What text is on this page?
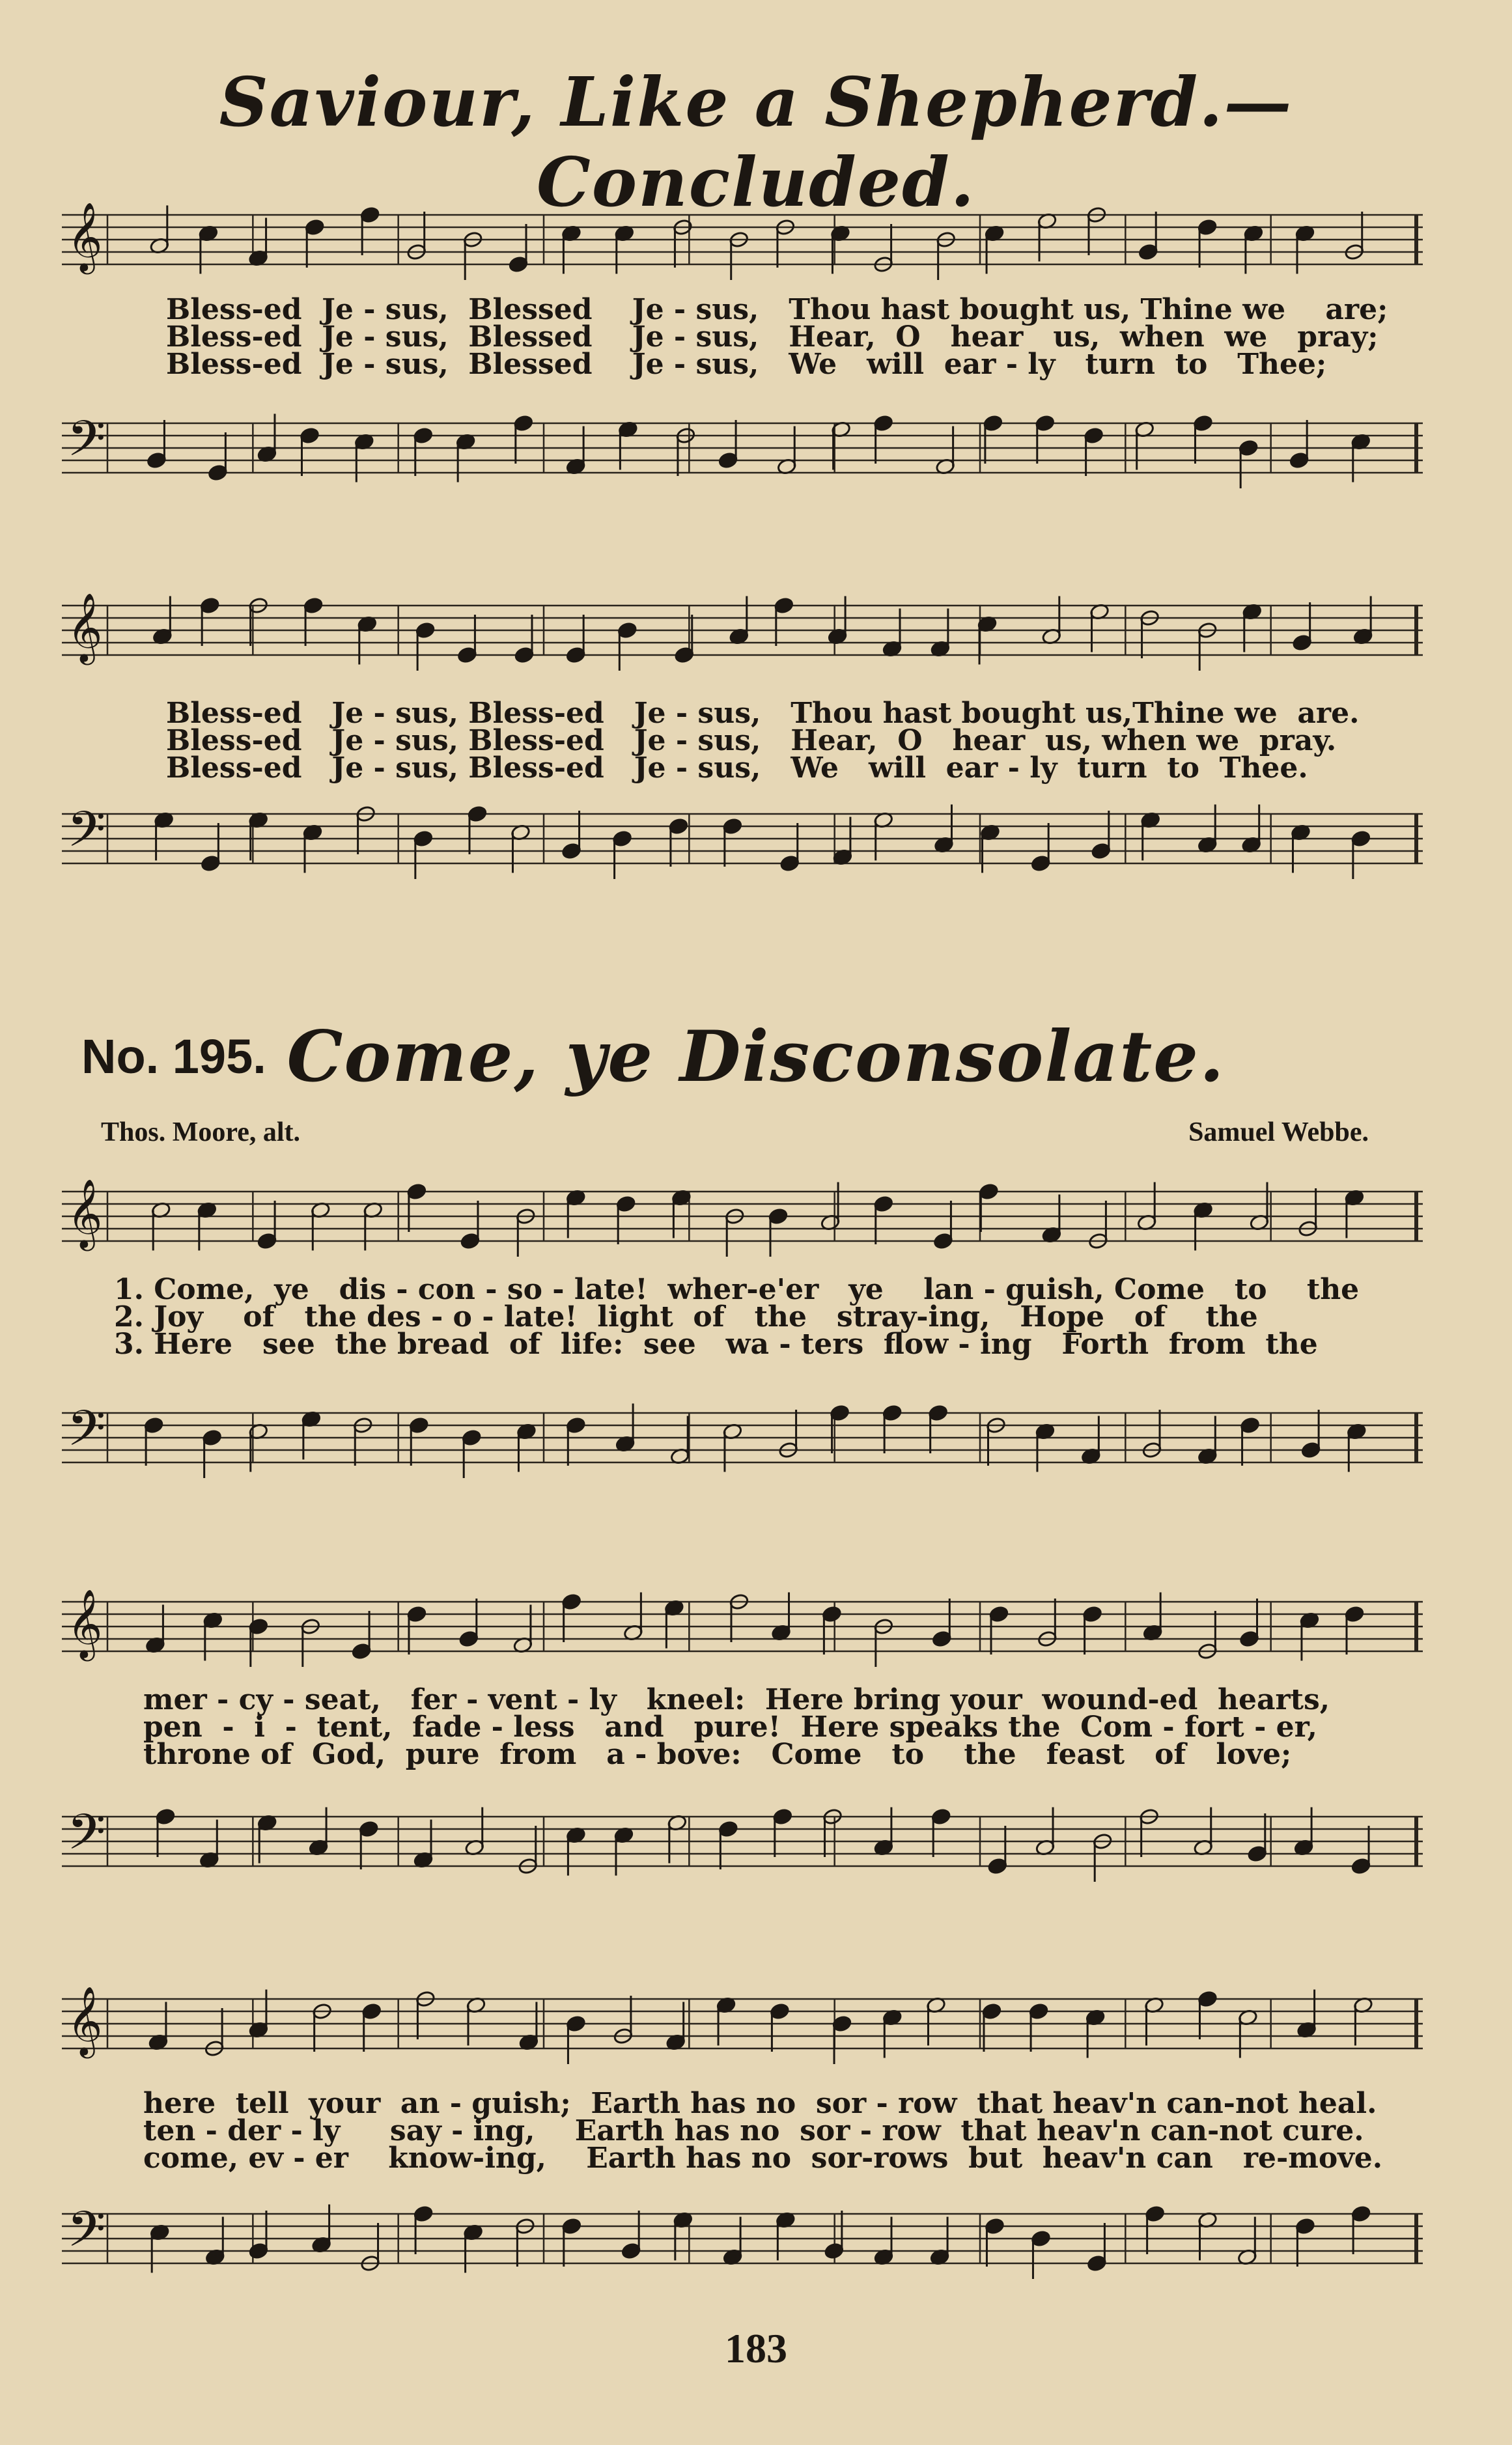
Saviour, Like a Shepherd.—Concluded.
𝄞
Bless-ed  Je - sus,  Blessed    Je - sus,   Thou hast bought us, Thine we    are;
Bless-ed  Je - sus,  Blessed    Je - sus,   Hear,  O   hear   us,  when  we   pray;
Bless-ed  Je - sus,  Blessed    Je - sus,   We   will  ear - ly   turn  to   Thee;
𝄢
𝄞
Bless-ed   Je - sus, Bless-ed   Je - sus,   Thou hast bought us,Thine we  are.
Bless-ed   Je - sus, Bless-ed   Je - sus,   Hear,  O   hear  us, when we  pray.
Bless-ed   Je - sus, Bless-ed   Je - sus,   We   will  ear - ly  turn  to  Thee.
𝄢
No. 195. Come, ye Disconsolate.
Thos. Moore, alt.	Samuel Webbe.
𝄞
1. Come,  ye   dis - con - so - late!  wher-e'er   ye    lan - guish, Come   to    the
2. Joy    of   the des - o - late!  light  of   the   stray-ing,   Hope   of    the
3. Here   see  the bread  of  life:  see   wa - ters  flow - ing   Forth  from  the
𝄢
𝄞
mer - cy - seat,   fer - vent - ly   kneel:  Here bring your  wound-ed  hearts,
pen  -  i  -  tent,  fade - less   and   pure!  Here speaks the  Com - fort - er,
throne of  God,  pure  from   a - bove:   Come   to    the   feast   of   love;
𝄢
𝄞
here  tell  your  an - guish;  Earth has no  sor - row  that heav'n can-not heal.
ten - der - ly     say - ing,    Earth has no  sor - row  that heav'n can-not cure.
come, ev - er    know-ing,    Earth has no  sor-rows  but  heav'n can   re-move.
𝄢
183
